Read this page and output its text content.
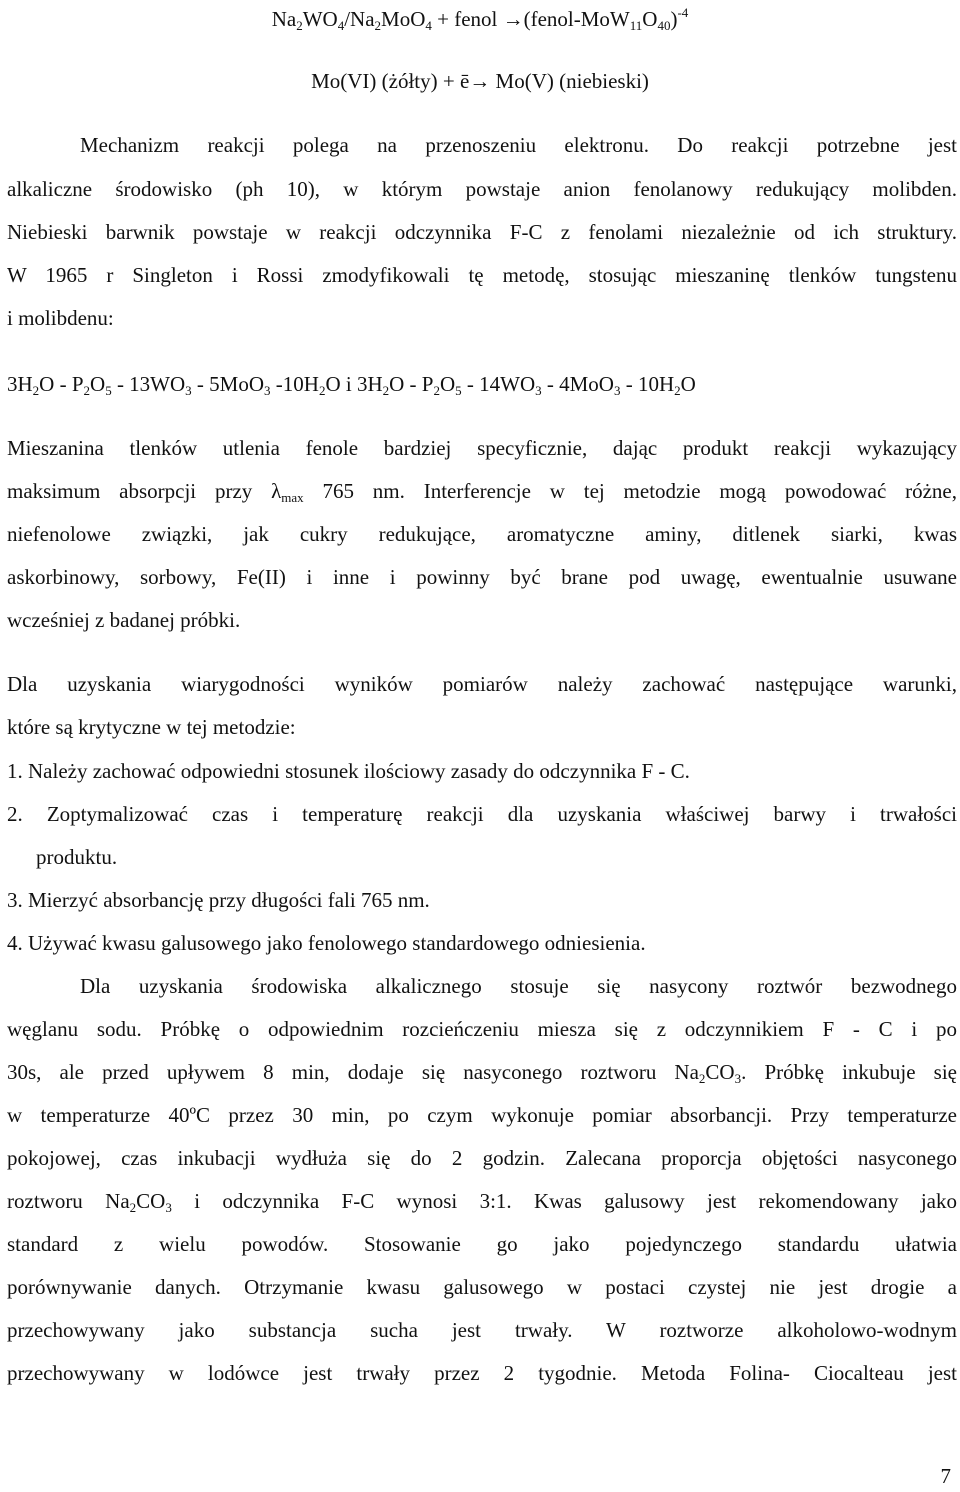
$Na_2WO_4/Na_2MoO_4$ + fenol $\to(fenol-MoW_{11}O_{40})^{-4}$
Mo(VI) (żółty) + ē→ Mo(V) (niebieski)
Mechanizm reakcji polega na przenoszeniu elektronu. Do reakcji potrzebne jest
alkaliczne środowisko (ph 10), w którym powstaje anion fenolanowy redukujący molibden.
Niebieski barwnik powstaje w reakcji odczynnika F-C z fenolami niezależnie od ich struktury.
W 1965 r Singleton i Rossi zmodyfikowali tę metodę, stosując mieszaninę tlenków tungstenu
i molibdenu:
$3H_2O - P_2O_5 - 13WO_3 - 5MoO_3$ $-10H_2O$ i $3H_2O - P_2O_5 - 14WO_3 - 4MoO_3 - 10H_2O$
Mieszanina tlenków utlenia fenole bardziej specyficznie, dając produkt reakcji wykazujący
maksimum absorpcji przy $\lambda_{max}$ 765 nm. Interferencje w tej metodzie mogą powodować różne,
niefenolowe związki, jak cukry redukujące, aromatyczne aminy, ditlenek siarki, kwas
askorbinowy, sorbowy, Fe(II) i inne i powinny być brane pod uwagę, ewentualnie usuwane
wcześniej z badanej próbki.
Dla uzyskania wiarygodności wyników pomiarów należy zachować następujące warunki,
które są krytyczne w tej metodzie:
1. Należy zachować odpowiedni stosunek ilościowy zasady do odczynnika F - C.
2. Zoptymalizować czas i temperaturę reakcji dla uzyskania właściwej barwy i trwałości
produktu.
3. Mierzyć absorbancję przy długości fali 765 nm.
4. Używać kwasu galusowego jako fenolowego standardowego odniesienia.
Dla uzyskania środowiska alkalicznego stosuje się nasycony roztwór bezwodnego
węglanu sodu. Próbkę o odpowiednim rozcieńczeniu miesza się z odczynnikiem F - C i po
30s, ale przed upływem 8 min, dodaje się nasyconego roztworu $Na_2CO_3$. Próbkę inkubuje się
w temperaturze 40ºC przez 30 min, po czym wykonuje pomiar absorbancji. Przy temperaturze
pokojowej, czas inkubacji wydłuża się do 2 godzin. Zalecana proporcja objętości nasyconego
roztworu $Na_2CO_3$ i odczynnika F-C wynosi 3:1. Kwas galusowy jest rekomendowany jako
standard z wielu powodów. Stosowanie go jako pojedynczego standardu ułatwia
porównywanie danych. Otrzymanie kwasu galusowego w postaci czystej nie jest drogie a
przechowywany jako substancja sucha jest trwały. W roztworze alkoholowo-wodnym
przechowywany w lodówce jest trwały przez 2 tygodnie. Metoda Folina- Ciocalteau jest
7
